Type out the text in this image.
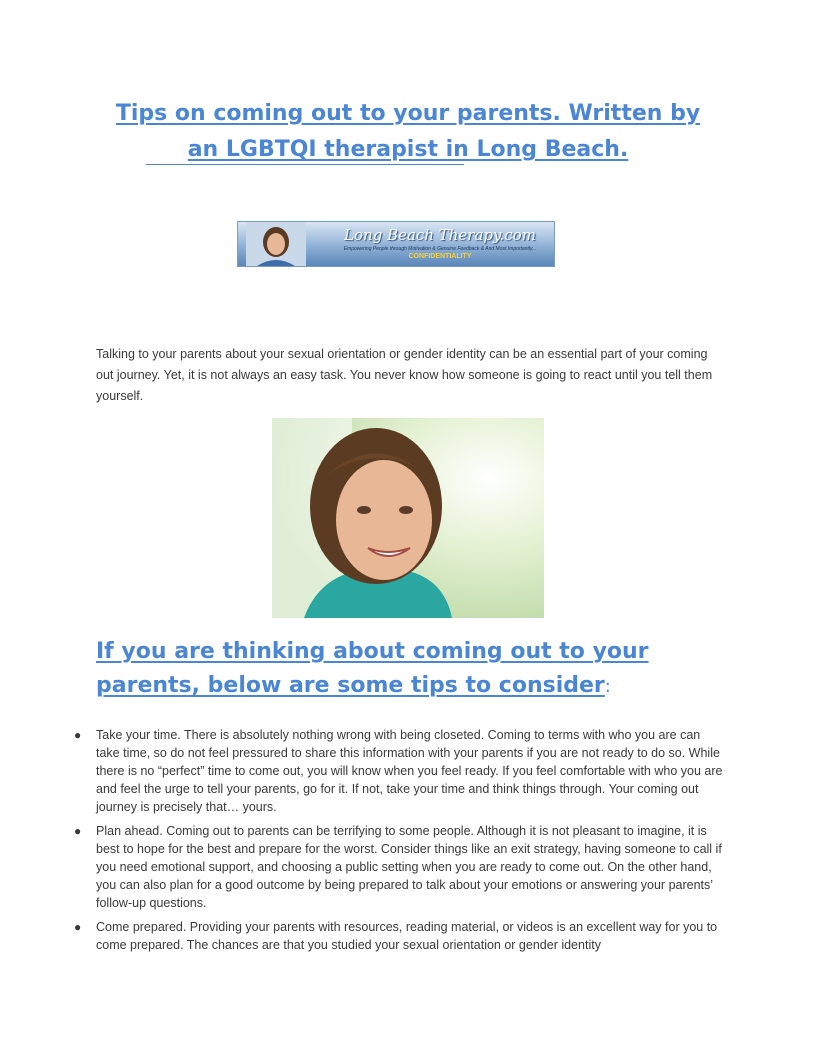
Tips on coming out to your parents. Written by
an LGBTQI therapist in Long Beach.
Long Beach Therapy.com
Empowering People through Motivation & Genuine Feedback & And Most Importantly...
CONFIDENTIALITY

Talking to your parents about your sexual orientation or gender identity can be an essential part of your coming out journey. Yet, it is not always an easy task. You never know how someone is going to react until you tell them yourself.

If you are thinking about coming out to your parents, below are some tips to consider:
● Take your time. There is absolutely nothing wrong with being closeted. Coming to terms with who you are can take time, so do not feel pressured to share this information with your parents if you are not ready to do so. While there is no “perfect” time to come out, you will know when you feel ready. If you feel comfortable with who you are and feel the urge to tell your parents, go for it. If not, take your time and think things through. Your coming out journey is precisely that… yours.
● Plan ahead. Coming out to parents can be terrifying to some people. Although it is not pleasant to imagine, it is best to hope for the best and prepare for the worst. Consider things like an exit strategy, having someone to call if you need emotional support, and choosing a public setting when you are ready to come out. On the other hand, you can also plan for a good outcome by being prepared to talk about your emotions or answering your parents’ follow-up questions.
● Come prepared. Providing your parents with resources, reading material, or videos is an excellent way for you to come prepared. The chances are that you studied your sexual orientation or gender identity
